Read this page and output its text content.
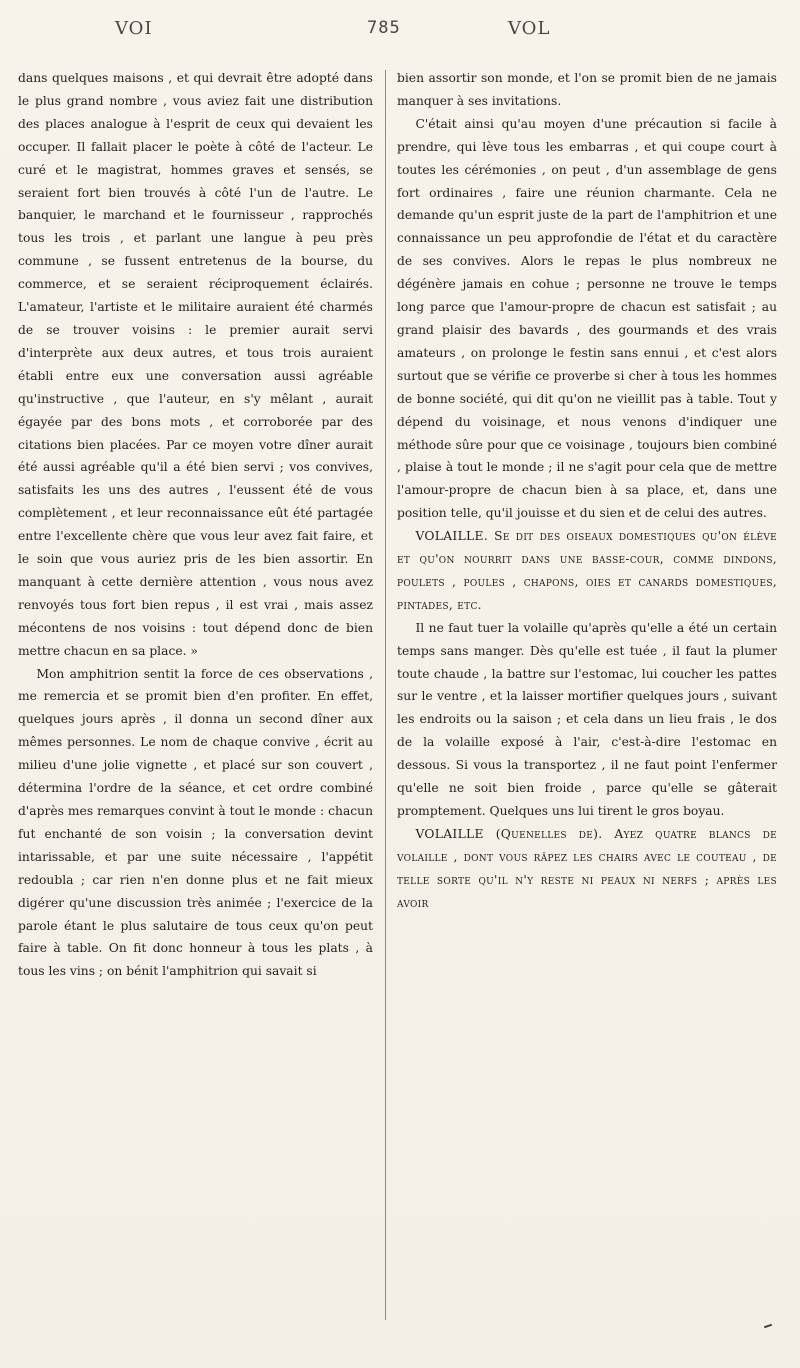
VOI	785	VOL

dans quelques maisons , et qui devrait être adopté dans le plus grand nombre , vous aviez fait une distribution des places analogue à l'esprit de ceux qui devaient les occuper. Il fallait placer le poète à côté de l'acteur. Le curé et le magistrat, hommes graves et sensés, se seraient fort bien trouvés à côté l'un de l'autre. Le banquier, le marchand et le fournisseur , rapprochés tous les trois , et parlant une langue à peu près commune , se fussent entretenus de la bourse, du commerce, et se seraient réciproquement éclairés. L'amateur, l'artiste et le militaire auraient été charmés de se trouver voisins : le premier aurait servi d'interprète aux deux autres, et tous trois auraient établi entre eux une conversation aussi agréable qu'instructive , que l'auteur, en s'y mêlant , aurait égayée par des bons mots , et corroborée par des citations bien placées. Par ce moyen votre dîner aurait été aussi agréable qu'il a été bien servi ; vos convives, satisfaits les uns des autres , l'eussent été de vous complètement , et leur reconnaissance eût été partagée entre l'excellente chère que vous leur avez fait faire, et le soin que vous auriez pris de les bien assortir. En manquant à cette dernière attention , vous nous avez renvoyés tous fort bien repus , il est vrai , mais assez mécontens de nos voisins : tout dépend donc de bien mettre chacun en sa place. »

Mon amphitrion sentit la force de ces observations , me remercia et se promit bien d'en profiter. En effet, quelques jours après , il donna un second dîner aux mêmes personnes. Le nom de chaque convive , écrit au milieu d'une jolie vignette , et placé sur son couvert , détermina l'ordre de la séance, et cet ordre combiné d'après mes remarques convint à tout le monde : chacun fut enchanté de son voisin ; la conversation devint intarissable, et par une suite nécessaire , l'appétit redoubla ; car rien n'en donne plus et ne fait mieux digérer qu'une discussion très animée ; l'exercice de la parole étant le plus salutaire de tous ceux qu'on peut faire à table. On fit donc honneur à tous les plats , à tous les vins ; on bénit l'amphitrion qui savait si

bien assortir son monde, et l'on se promit bien de ne jamais manquer à ses invitations.

C'était ainsi qu'au moyen d'une précaution si facile à prendre, qui lève tous les embarras , et qui coupe court à toutes les cérémonies , on peut , d'un assemblage de gens fort ordinaires , faire une réunion charmante. Cela ne demande qu'un esprit juste de la part de l'amphitrion et une connaissance un peu approfondie de l'état et du caractère de ses convives. Alors le repas le plus nombreux ne dégénère jamais en cohue ; personne ne trouve le temps long parce que l'amour-propre de chacun est satisfait ; au grand plaisir des bavards , des gourmands et des vrais amateurs , on prolonge le festin sans ennui , et c'est alors surtout que se vérifie ce proverbe si cher à tous les hommes de bonne société, qui dit qu'on ne vieillit pas à table. Tout y dépend du voisinage, et nous venons d'indiquer une méthode sûre pour que ce voisinage , toujours bien combiné , plaise à tout le monde ; il ne s'agit pour cela que de mettre l'amour-propre de chacun bien à sa place, et, dans une position telle, qu'il jouisse et du sien et de celui des autres.

VOLAILLE. Se dit des oiseaux domestiques qu'on élève et qu'on nourrit dans une basse-cour, comme dindons, poulets , poules , chapons, oies et canards domestiques, pintades, etc.

Il ne faut tuer la volaille qu'après qu'elle a été un certain temps sans manger. Dès qu'elle est tuée , il faut la plumer toute chaude , la battre sur l'estomac, lui coucher les pattes sur le ventre , et la laisser mortifier quelques jours , suivant les endroits ou la saison ; et cela dans un lieu frais , le dos de la volaille exposé à l'air, c'est-à-dire l'estomac en dessous. Si vous la transportez , il ne faut point l'enfermer qu'elle ne soit bien froide , parce qu'elle se gâterait promptement. Quelques uns lui tirent le gros boyau.

VOLAILLE (Quenelles de). Ayez quatre blancs de volaille , dont vous râpez les chairs avec le couteau , de telle sorte qu'il n'y reste ni peaux ni nerfs ; après les avoir
